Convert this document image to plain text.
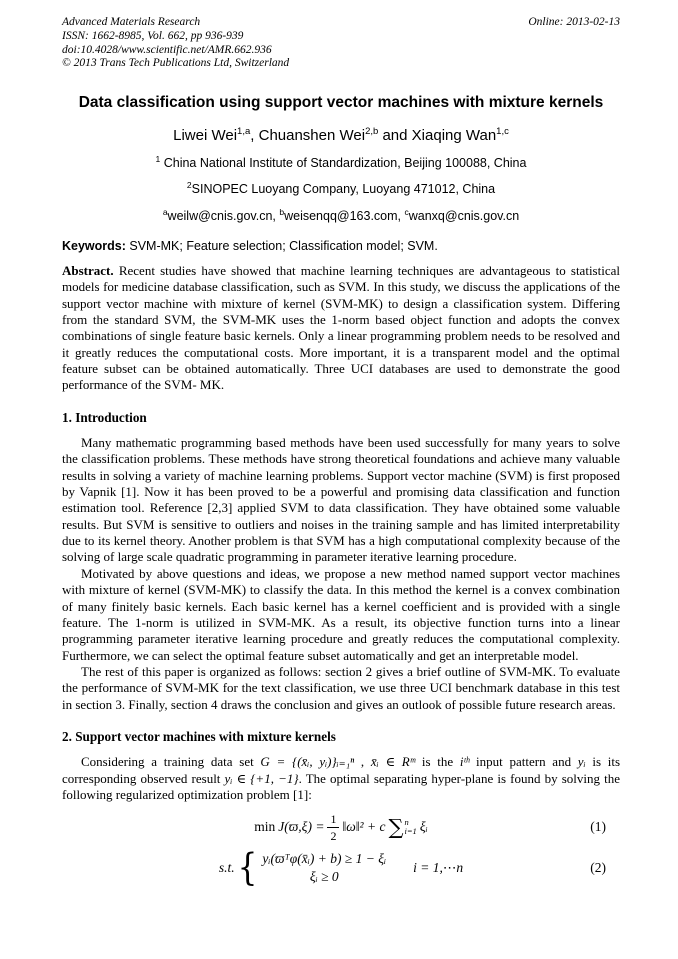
Advanced Materials Research
ISSN: 1662-8985, Vol. 662, pp 936-939
doi:10.4028/www.scientific.net/AMR.662.936
© 2013 Trans Tech Publications Ltd, Switzerland
Online: 2013-02-13
Data classification using support vector machines with mixture kernels
Liwei Wei$^{1,a}$, Chuanshen Wei$^{2,b}$ and Xiaqing Wan$^{1,c}$
$^1$ China National Institute of Standardization, Beijing 100088, China
$^2$SINOPEC Luoyang Company, Luoyang 471012, China
$^a$weilw@cnis.gov.cn, $^b$weisenqq@163.com, $^c$wanxq@cnis.gov.cn
Keywords: SVM-MK; Feature selection; Classification model; SVM.

Abstract. Recent studies have showed that machine learning techniques are advantageous to statistical models for medicine database classification, such as SVM. In this study, we discuss the applications of the support vector machine with mixture of kernel (SVM-MK) to design a classification system. Differing from the standard SVM, the SVM-MK uses the 1-norm based object function and adopts the convex combinations of single feature basic kernels. Only a linear programming problem needs to be resolved and it greatly reduces the computational costs. More important, it is a transparent model and the optimal feature subset can be obtained automatically. Three UCI databases are used to demonstrate the good performance of the SVM- MK.

1. Introduction

Many mathematic programming based methods have been used successfully for many years to solve the classification problems. These methods have strong theoretical foundations and achieve many valuable results in solving a variety of machine learning problems. Support vector machine (SVM) is first proposed by Vapnik [1]. Now it has been proved to be a powerful and promising data classification and function estimation tool. Reference [2,3] applied SVM to data classification. They have obtained some valuable results. But SVM is sensitive to outliers and noises in the training sample and has limited interpretability due to its kernel theory. Another problem is that SVM has a high computational complexity because of the solving of large scale quadratic programming in parameter iterative learning procedure.

Motivated by above questions and ideas, we propose a new method named support vector machines with mixture of kernel (SVM-MK) to classify the data. In this method the kernel is a convex combination of many finitely basic kernels. Each basic kernel has a kernel coefficient and is provided with a single feature. The 1-norm is utilized in SVM-MK. As a result, its objective function turns into a linear programming parameter iterative learning procedure and greatly reduces the computational complexity. Furthermore, we can select the optimal feature subset automatically and get an interpretable model.

The rest of this paper is organized as follows: section 2 gives a brief outline of SVM-MK. To evaluate the performance of SVM-MK for the text classification, we use three UCI benchmark database in this test in section 3. Finally, section 4 draws the conclusion and gives an outlook of possible future research areas.

2. Support vector machines with mixture kernels

Considering a training data set G = {(x̄ᵢ, yᵢ)}ᵢ₌₁ⁿ , x̄ᵢ ∈ Rᵐ is the iᵗʰ input pattern and yᵢ is its corresponding observed result yᵢ ∈ {+1, −1}. The optimal separating hyper-plane is found by solving the following regularized optimization problem [1]:

$\min J(ϖ,\xi) = \frac{1}{2}$ ‖ω‖² + c ∑ n
i=1 ξᵢ	(1)
s.t. { yᵢ(ϖᵀφ(x̄ᵢ) + b) ≥ 1 − ξᵢ
ξᵢ ≥ 0
i = 1,⋯n	(2)
